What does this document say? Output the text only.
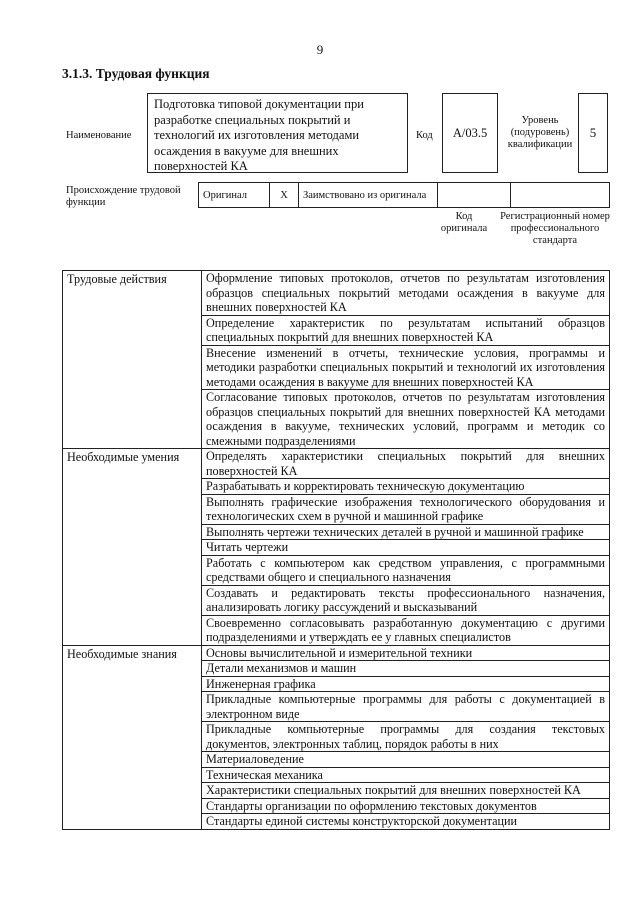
9
3.1.3. Трудовая функция
Наименование
Подготовка типовой документации при разработке специальных покрытий и технологий их изготовления методами осаждения в вакууме для внешних поверхностей КА
Код	A/03.5
Уровень (подуровень) квалификации
5
Происхождение трудовой функции
Оригинал	X	Заимствовано из оригинала		
Код оригинала
Регистрационный номер профессионального стандарта
Трудовые действия	Оформление типовых протоколов, отчетов по результатам изготовления образцов специальных покрытий методами осаждения в вакууме для внешних поверхностей КА
	Определение характеристик по результатам испытаний образцов специальных покрытий для внешних поверхностей КА
	Внесение изменений в отчеты, технические условия, программы и методики разработки специальных покрытий и технологий их изготовления методами осаждения в вакууме для внешних поверхностей КА
	Согласование типовых протоколов, отчетов по результатам изготовления образцов специальных покрытий для внешних поверхностей КА методами осаждения в вакууме, технических условий, программ и методик со смежными подразделениями
Необходимые умения	Определять характеристики специальных покрытий для внешних поверхностей КА
	Разрабатывать и корректировать техническую документацию
	Выполнять графические изображения технологического оборудования и технологических схем в ручной и машинной графике
	Выполнять чертежи технических деталей в ручной и машинной графике
	Читать чертежи
	Работать с компьютером как средством управления, с программными средствами общего и специального назначения
	Создавать и редактировать тексты профессионального назначения, анализировать логику рассуждений и высказываний
	Своевременно согласовывать разработанную документацию с другими подразделениями и утверждать ее у главных специалистов
Необходимые знания	Основы вычислительной и измерительной техники
	Детали механизмов и машин
	Инженерная графика
	Прикладные компьютерные программы для работы с документацией в электронном виде
	Прикладные компьютерные программы для создания текстовых документов, электронных таблиц, порядок работы в них
	Материаловедение
	Техническая механика
	Характеристики специальных покрытий для внешних поверхностей КА
	Стандарты организации по оформлению текстовых документов
	Стандарты единой системы конструкторской документации
